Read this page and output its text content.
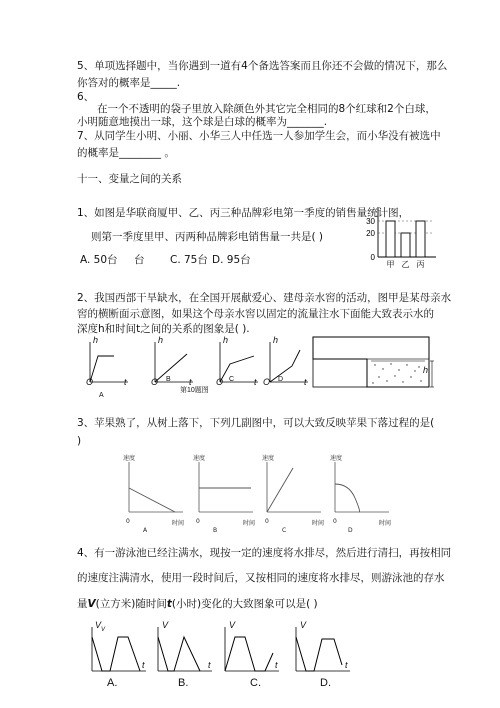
5、单项选择题中，当你遇到一道有4个备选答案而且你还不会做的情况下，那么
你答对的概率是_____.
6、
在一个不透明的袋子里放入除颜色外其它完全相同的8个红球和2个白球，
小明随意地摸出一球，这个球是白球的概率为_______.
7、从同学生小明、小丽、小华三人中任选一人参加学生会，而小华没有被选中
的概率是________ 。
十一、变量之间的关系
1、如图是华联商厦甲、乙、丙三种品牌彩电第一季度的销售量统计图，
则第一季度里甲、丙两种品牌彩电销售量一共是( )
A. 50台 台 C. 75台 D. 95台
30
20
0
甲 乙 丙
2、我国西部干旱缺水，在全国开展献爱心、建母亲水窖的活动，图甲是某母亲水
窖的横断面示意图，如果这个母亲水窖以固定的流量注水下面能大致表示水的
深度h和时间t之间的关系的图象是( ).
h
O	t
A
h
O	t
B
h
O	t
C
h
O	t
D
第10题图
h
3、苹果熟了，从树上落下，下列几副图中，可以大致反映苹果下落过程的是(
)
速度
0	时间
A
速度
0	时间
B
速度
0	时间
C
速度
0	时间
D
4、有一游泳池已经注满水，现按一定的速度将水排尽，然后进行清扫，再按相同
的速度注满清水，使用一段时间后，又按相同的速度将水排尽，则游泳池的存水
量V(立方米)随时间t(小时)变化的大致图象可以是( )
$V_V$
t
A.
V
t
B.
V
t
C.
V
t
D.
